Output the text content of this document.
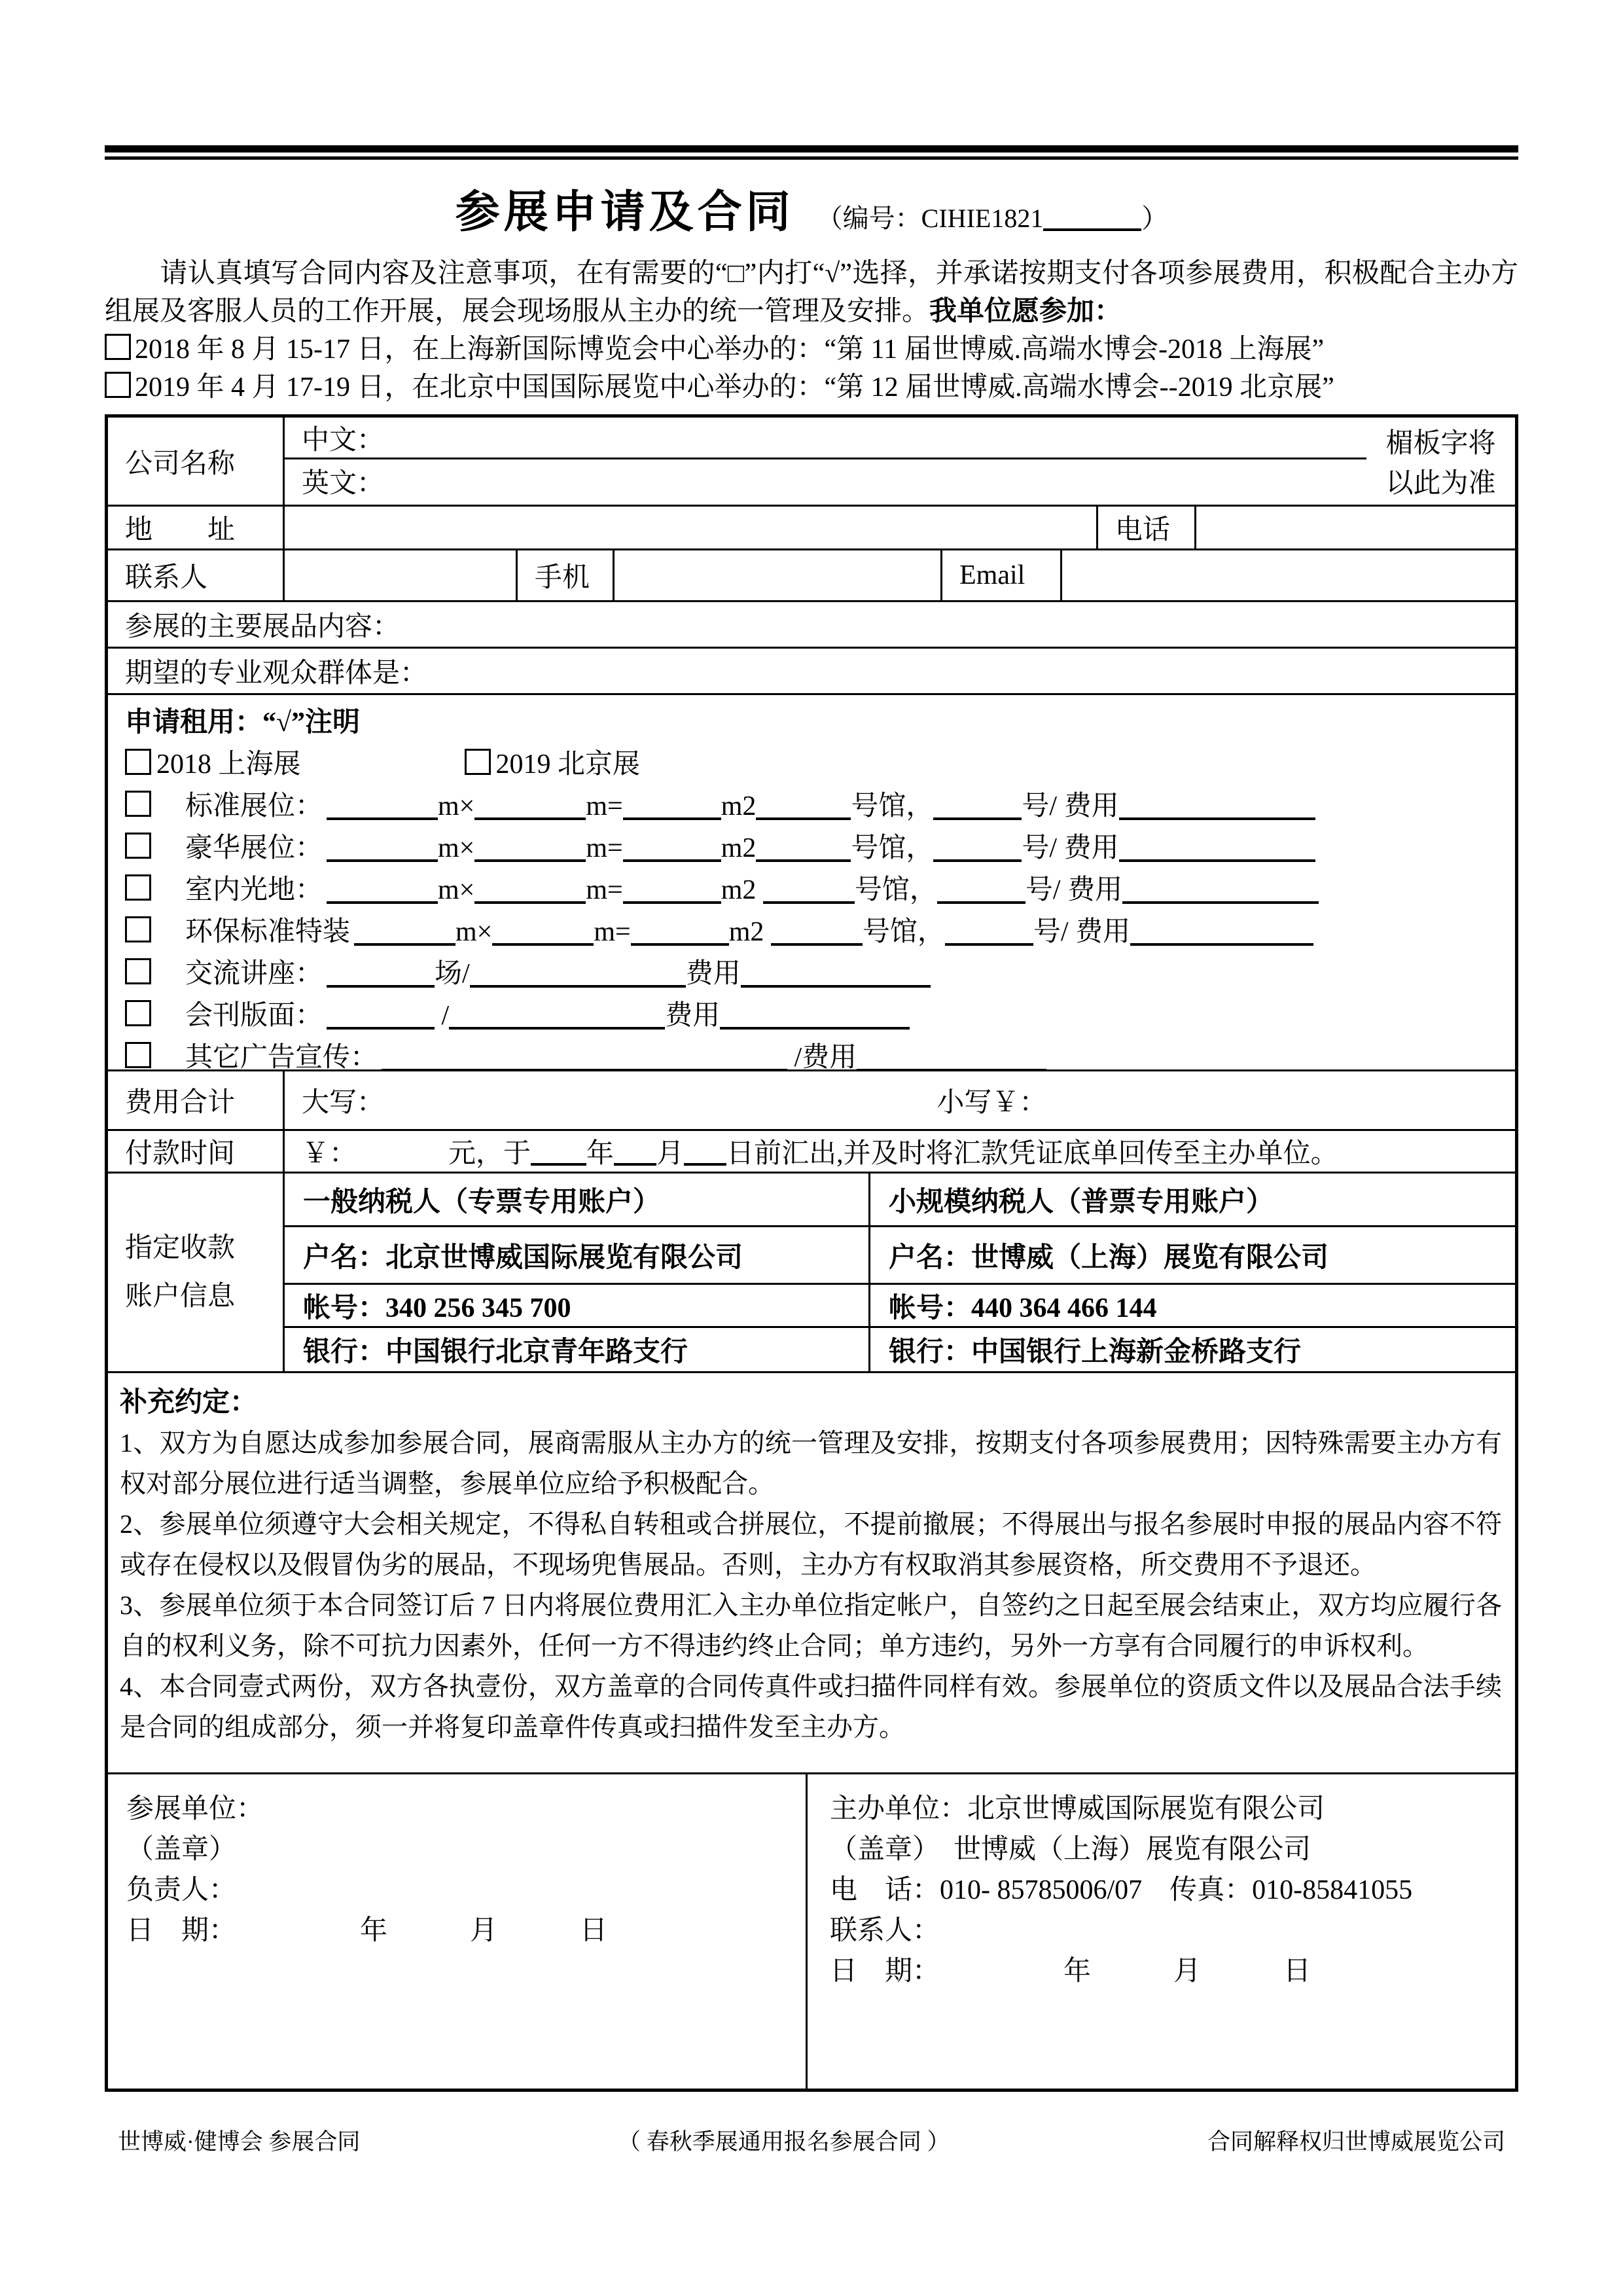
参展申请及合同 （编号：CIHIE1821	）
请认真填写合同内容及注意事项，在有需要的“□”内打“√”选择，并承诺按期支付各项参展费用，积极配合主办方组展及客服人员的工作开展，展会现场服从主办的统一管理及安排。我单位愿参加：
2018 年 8 月 15-17 日，在上海新国际博览会中心举办的：“第 11 届世博威.高端水博会-2018 上海展”
2019 年 4 月 17-19 日，在北京中国国际展览中心举办的：“第 12 届世博威.高端水博会--2019 北京展”
公司名称
中文：
英文：
楣板字将
以此为准
地　　址	电话
联系人	手机	Email
参展的主要展品内容：
期望的专业观众群体是：
申请租用：“√”注明
2018 上海展	2019 北京展
标准展位：	m×	m=	m2	号馆，	号/ 费用
豪华展位：	m×	m=	m2	号馆，	号/ 费用
室内光地：	m×	m=	m2	号馆，	号/ 费用
环保标准特装	m×	m=	m2	号馆，	号/ 费用
交流讲座：	场/	费用
会刊版面：	/	费用
其它广告宣传：	/费用
费用合计 大写：	小写￥：
付款时间 ￥：	元，于 年 月 日前汇出,并及时将汇款凭证底单回传至主办单位。
指定收款
账户信息
一般纳税人（专票专用账户）
户名：北京世博威国际展览有限公司
帐号：340 256 345 700
银行：中国银行北京青年路支行
小规模纳税人（普票专用账户）
户名：世博威（上海）展览有限公司
帐号：440 364 466 144
银行：中国银行上海新金桥路支行
补充约定：

1、双方为自愿达成参加参展合同，展商需服从主办方的统一管理及安排，按期支付各项参展费用；因特殊需要主办方有权对部分展位进行适当调整，参展单位应给予积极配合。

2、参展单位须遵守大会相关规定，不得私自转租或合拼展位，不提前撤展；不得展出与报名参展时申报的展品内容不符或存在侵权以及假冒伪劣的展品，不现场兜售展品。否则，主办方有权取消其参展资格，所交费用不予退还。

3、参展单位须于本合同签订后 7 日内将展位费用汇入主办单位指定帐户，自签约之日起至展会结束止，双方均应履行各自的权利义务，除不可抗力因素外，任何一方不得违约终止合同；单方违约，另外一方享有合同履行的申诉权利。

4、本合同壹式两份，双方各执壹份，双方盖章的合同传真件或扫描件同样有效。参展单位的资质文件以及展品合法手续是合同的组成部分，须一并将复印盖章件传真或扫描件发至主办方。

参展单位：
（盖章）
负责人：
日　期：　　　　　年　　　月　　　日
主办单位：北京世博威国际展览有限公司
（盖章）　世博威（上海）展览有限公司
电　话：010- 85785006/07　传真：010-85841055
联系人：
日　期：　　　　　年　　　月　　　日
世博威·健博会 参展合同	（ 春秋季展通用报名参展合同 ）	合同解释权归世博威展览公司
